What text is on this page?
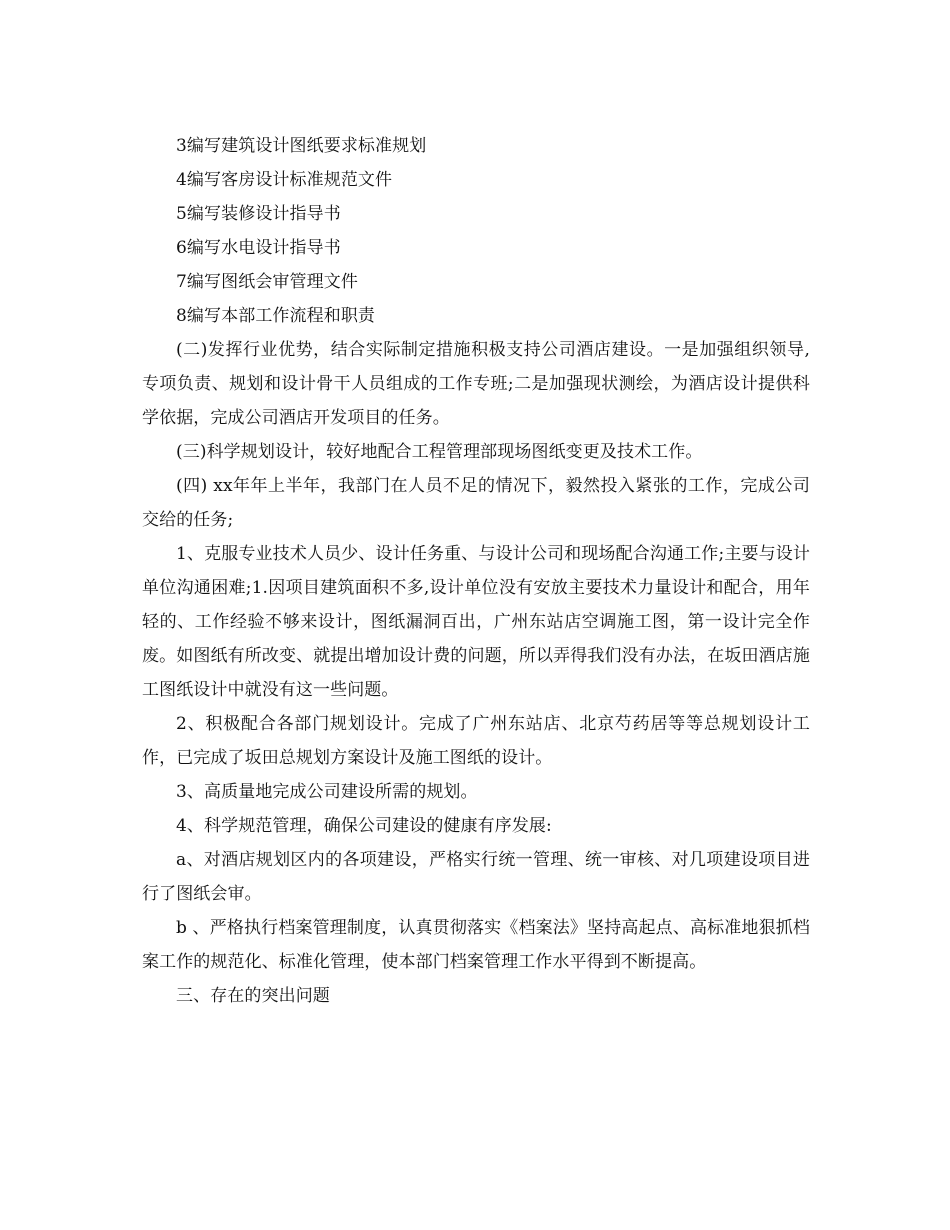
3编写建筑设计图纸要求标准规划

4编写客房设计标准规范文件

5编写装修设计指导书

6编写水电设计指导书

7编写图纸会审管理文件

8编写本部工作流程和职责

(二)发挥行业优势，结合实际制定措施积极支持公司酒店建设。一是加强组织领导,专项负责、规划和设计骨干人员组成的工作专班;二是加强现状测绘，为酒店设计提供科学依据，完成公司酒店开发项目的任务。

(三)科学规划设计，较好地配合工程管理部现场图纸变更及技术工作。

(四) xx年年上半年，我部门在人员不足的情况下，毅然投入紧张的工作，完成公司交给的任务;

1、克服专业技术人员少、设计任务重、与设计公司和现场配合沟通工作;主要与设计单位沟通困难;1.因项目建筑面积不多,设计单位没有安放主要技术力量设计和配合，用年轻的、工作经验不够来设计，图纸漏洞百出，广州东站店空调施工图，第一设计完全作废。如图纸有所改变、就提出增加设计费的问题，所以弄得我们没有办法，在坂田酒店施工图纸设计中就没有这一些问题。

2、积极配合各部门规划设计。完成了广州东站店、北京芍药居等等总规划设计工作，已完成了坂田总规划方案设计及施工图纸的设计。

3、高质量地完成公司建设所需的规划。

4、科学规范管理，确保公司建设的健康有序发展:

a、对酒店规划区内的各项建设，严格实行统一管理、统一审核、对几项建设项目进行了图纸会审。

b 、严格执行档案管理制度，认真贯彻落实《档案法》坚持高起点、高标准地狠抓档案工作的规范化、标准化管理，使本部门档案管理工作水平得到不断提高。

三、存在的突出问题
